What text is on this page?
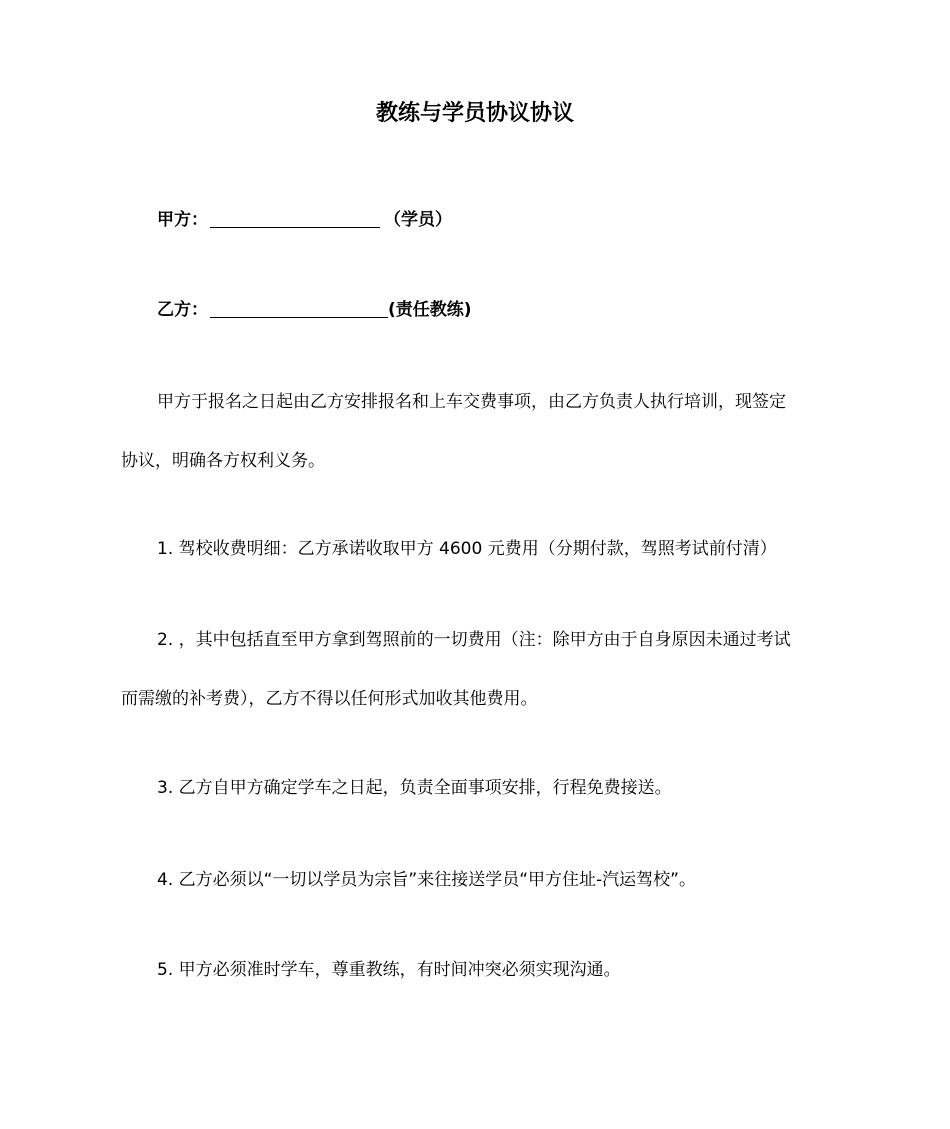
教练与学员协议协议
甲方：	（学员）
乙方：	(责任教练)
甲方于报名之日起由乙方安排报名和上车交费事项，由乙方负责人执行培训，现签定
协议，明确各方权利义务。
1. 驾校收费明细：乙方承诺收取甲方 4600 元费用（分期付款，驾照考试前付清）
2. ，其中包括直至甲方拿到驾照前的一切费用（注：除甲方由于自身原因未通过考试
而需缴的补考费），乙方不得以任何形式加收其他费用。
3. 乙方自甲方确定学车之日起，负责全面事项安排，行程免费接送。
4. 乙方必须以“一切以学员为宗旨”来往接送学员“甲方住址-汽运驾校”。
5. 甲方必须准时学车，尊重教练，有时间冲突必须实现沟通。
